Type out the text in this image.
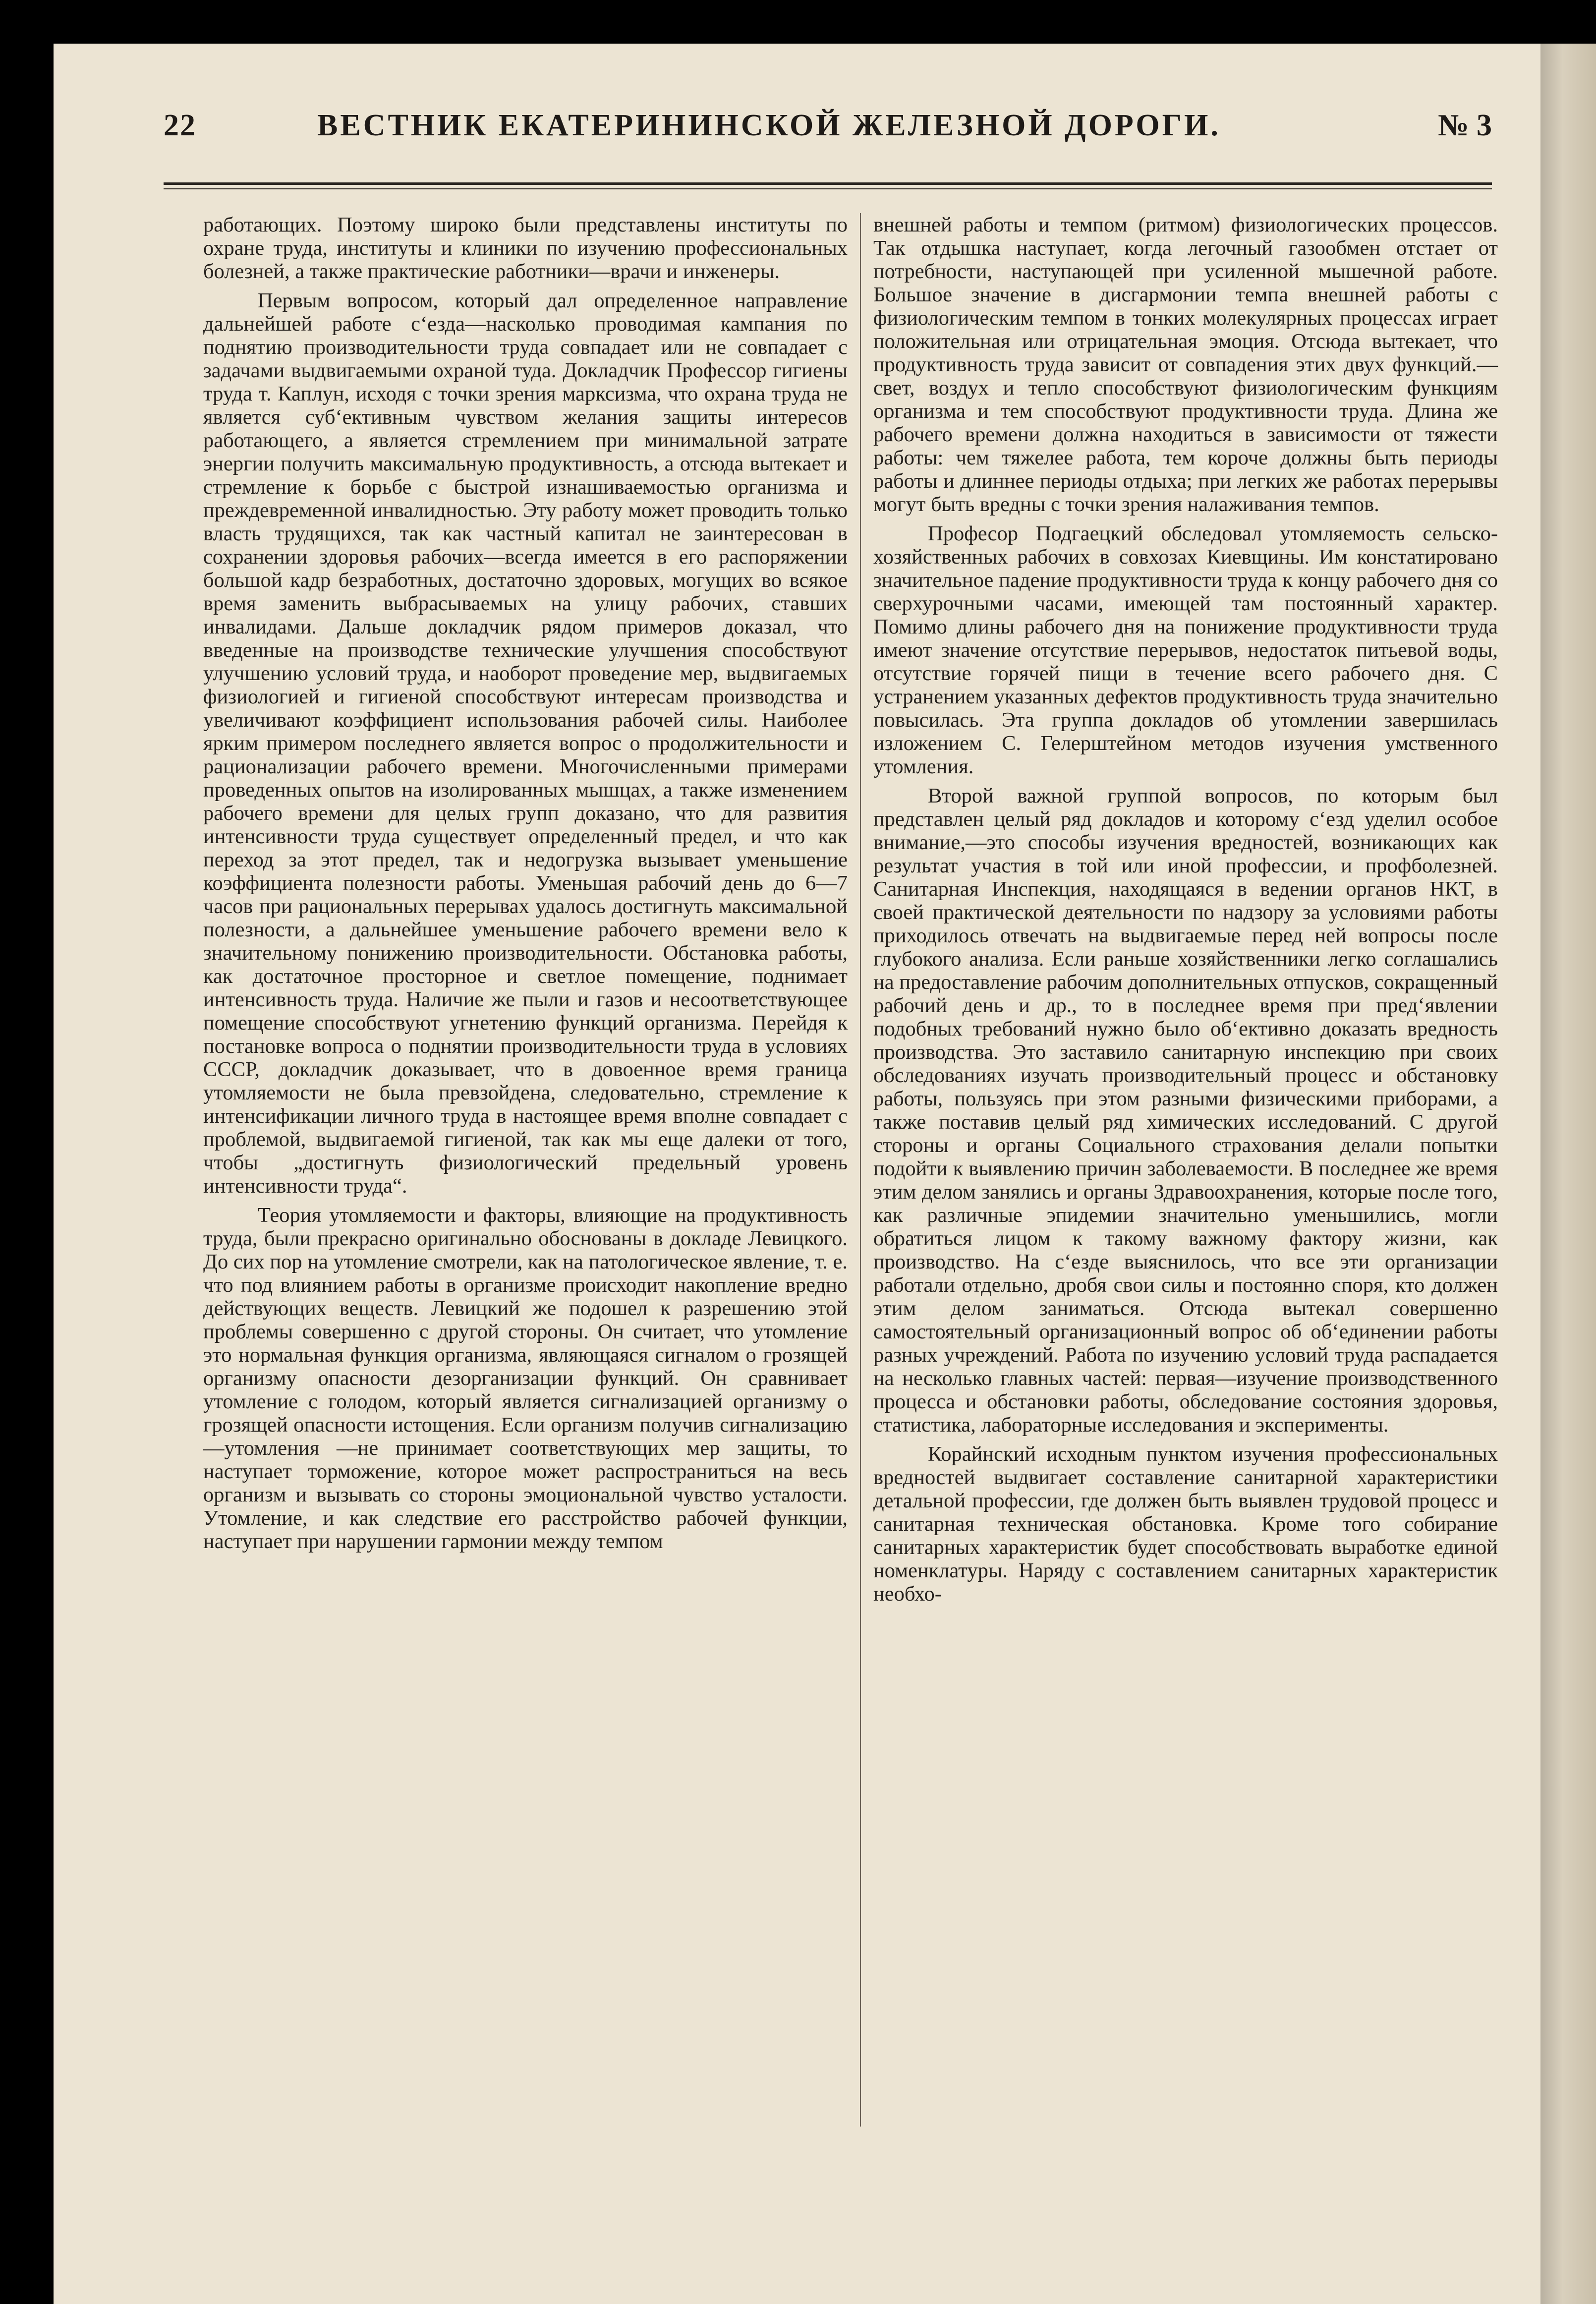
22	ВЕСТНИК ЕКАТЕРИНИНСКОЙ ЖЕЛЕЗНОЙ ДОРОГИ.	№ 3

работающих. Поэтому широко были представлены институты по охране труда, институты и клиники по изучению профессиональных болезней, а также практические работники—врачи и инженеры.

Первым вопросом, который дал определенное направление дальнейшей работе с‘езда—насколько проводимая кампания по поднятию производительности труда совпадает или не совпадает с задачами выдвигаемыми охраной туда. Докладчик Профессор гигиены труда т. Каплун, исходя с точки зрения марксизма, что охрана труда не является суб‘ективным чувством желания защиты интересов работающего, а является стремлением при минимальной затрате энергии получить максимальную продуктивность, а отсюда вытекает и стремление к борьбе с быстрой изнашиваемостью организма и преждевременной инвалидностью. Эту работу может проводить только власть трудящихся, так как частный капитал не заинтересован в сохранении здоровья рабочих—всегда имеется в его распоряжении большой кадр безработных, достаточно здоровых, могущих во всякое время заменить выбрасываемых на улицу рабочих, ставших инвалидами. Дальше докладчик рядом примеров доказал, что введенные на производстве технические улучшения способствуют улучшению условий труда, и наоборот проведение мер, выдвигаемых физиологией и гигиеной способствуют интересам производства и увеличивают коэффициент использования рабочей силы. Наиболее ярким примером последнего является вопрос о продолжительности и рационализации рабочего времени. Многочисленными примерами проведенных опытов на изолированных мышцах, а также изменением рабочего времени для целых групп доказано, что для развития интенсивности труда существует определенный предел, и что как переход за этот предел, так и недогрузка вызывает уменьшение коэффициента полезности работы. Уменьшая рабочий день до 6—7 часов при рациональных перерывах удалось достигнуть максимальной полезности, а дальнейшее уменьшение рабочего времени вело к значительному понижению производительности. Обстановка работы, как достаточное просторное и светлое помещение, поднимает интенсивность труда. Наличие же пыли и газов и несоответствующее помещение способствуют угнетению функций организма. Перейдя к постановке вопроса о поднятии производительности труда в условиях СССР, докладчик доказывает, что в довоенное время граница утомляемости не была превзойдена, следовательно, стремление к интенсификации личного труда в настоящее время вполне совпадает с проблемой, выдвигаемой гигиеной, так как мы еще далеки от того, чтобы „достигнуть физиологический предельный уровень интенсивности труда“.

Теория утомляемости и факторы, влияющие на продуктивность труда, были прекрасно оригинально обоснованы в докладе Левицкого. До сих пор на утомление смотрели, как на патологическое явление, т. е. что под влиянием работы в организме происходит накопление вредно действующих веществ. Левицкий же подошел к разрешению этой проблемы совершенно с другой стороны. Он считает, что утомление это нормальная функция организма, являющаяся сигналом о грозящей организму опасности дезорганизации функций. Он сравнивает утомление с голодом, который является сигнализацией организму о грозящей опасности истощения. Если организм получив сигнализацию—утомления —не принимает соответствующих мер защиты, то наступает торможение, которое может распространиться на весь организм и вызывать со стороны эмоциональной чувство усталости. Утомление, и как следствие его расстройство рабочей функции, наступает при нарушении гармонии между темпом

внешней работы и темпом (ритмом) физиологических процессов. Так отдышка наступает, когда легочный газообмен отстает от потребности, наступающей при усиленной мышечной работе. Большое значение в дисгармонии темпа внешней работы с физиологическим темпом в тонких молекулярных процессах играет положительная или отрицательная эмоция. Отсюда вытекает, что продуктивность труда зависит от совпадения этих двух функций.—свет, воздух и тепло способствуют физиологическим функциям организма и тем способствуют продуктивности труда. Длина же рабочего времени должна находиться в зависимости от тяжести работы: чем тяжелее работа, тем короче должны быть периоды работы и длиннее периоды отдыха; при легких же работах перерывы могут быть вредны с точки зрения налаживания темпов.

Професор Подгаецкий обследовал утомляемость сельско-хозяйственных рабочих в совхозах Киевщины. Им констатировано значительное падение продуктивности труда к концу рабочего дня со сверхурочными часами, имеющей там постоянный характер. Помимо длины рабочего дня на понижение продуктивности труда имеют значение отсутствие перерывов, недостаток питьевой воды, отсутствие горячей пищи в течение всего рабочего дня. С устранением указанных дефектов продуктивность труда значительно повысилась. Эта группа докладов об утомлении завершилась изложением С. Гелерштейном методов изучения умственного утомления.

Второй важной группой вопросов, по которым был представлен целый ряд докладов и которому с‘езд уделил особое внимание,—это способы изучения вредностей, возникающих как результат участия в той или иной профессии, и профболезней. Санитарная Инспекция, находящаяся в ведении органов НКТ, в своей практической деятельности по надзору за условиями работы приходилось отвечать на выдвигаемые перед ней вопросы после глубокого анализа. Если раньше хозяйственники легко соглашались на предоставление рабочим дополнительных отпусков, сокращенный рабочий день и др., то в последнее время при пред‘явлении подобных требований нужно было об‘ективно доказать вредность производства. Это заставило санитарную инспекцию при своих обследованиях изучать производительный процесс и обстановку работы, пользуясь при этом разными физическими приборами, а также поставив целый ряд химических исследований. С другой стороны и органы Социального страхования делали попытки подойти к выявлению причин заболеваемости. В последнее же время этим делом занялись и органы Здравоохранения, которые после того, как различные эпидемии значительно уменьшились, могли обратиться лицом к такому важному фактору жизни, как производство. На с‘езде выяснилось, что все эти организации работали отдельно, дробя свои силы и постоянно споря, кто должен этим делом заниматься. Отсюда вытекал совершенно самостоятельный организационный вопрос об об‘единении работы разных учреждений. Работа по изучению условий труда распадается на несколько главных частей: первая—изучение производственного процесса и обстановки работы, обследование состояния здоровья, статистика, лабораторные исследования и эксперименты.

Корайнский исходным пунктом изучения профессиональных вредностей выдвигает составление санитарной характеристики детальной профессии, где должен быть выявлен трудовой процесс и санитарная техническая обстановка. Кроме того собирание санитарных характеристик будет способствовать выработке единой номенклатуры. Наряду с составлением санитарных характеристик необхо-
